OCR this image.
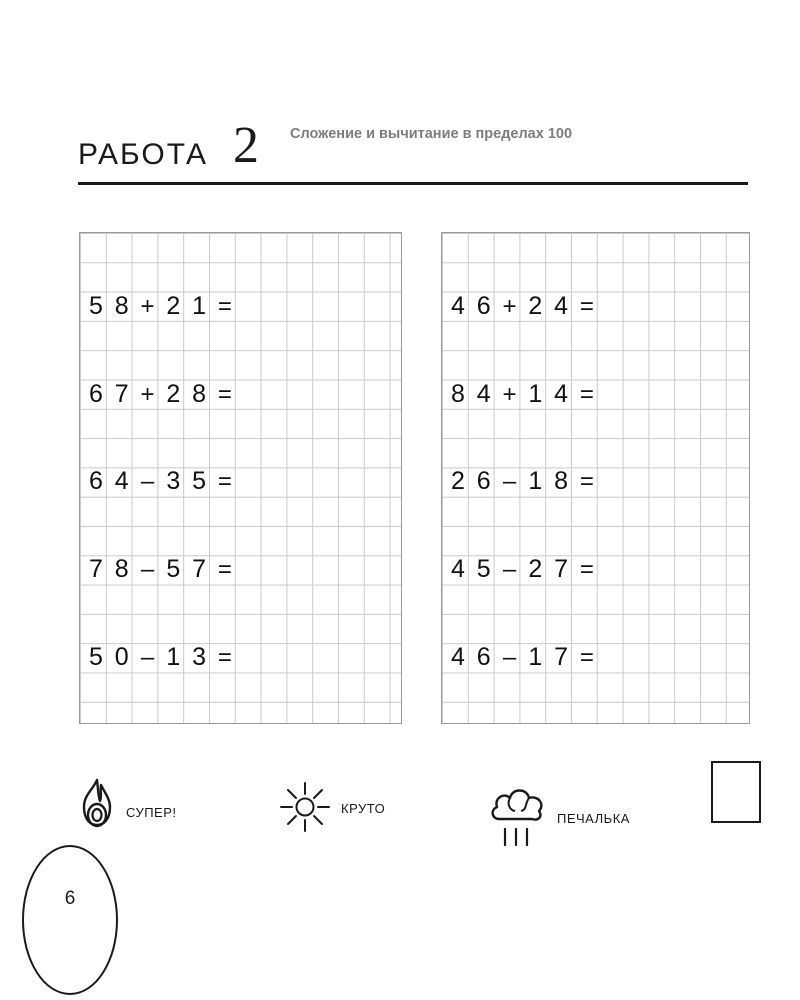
РАБОТА 2 Сложение и вычитание в пределах 100
5 8 + 2 1 =
6 7 + 2 8 =
6 4 – 3 5 =
7 8 – 5 7 =
5 0 – 1 3 =
4 6 + 2 4 =
8 4 + 1 4 =
2 6 – 1 8 =
4 5 – 2 7 =
4 6 – 1 7 =
СУПЕР!	КРУТО
ПЕЧАЛЬКА
6
